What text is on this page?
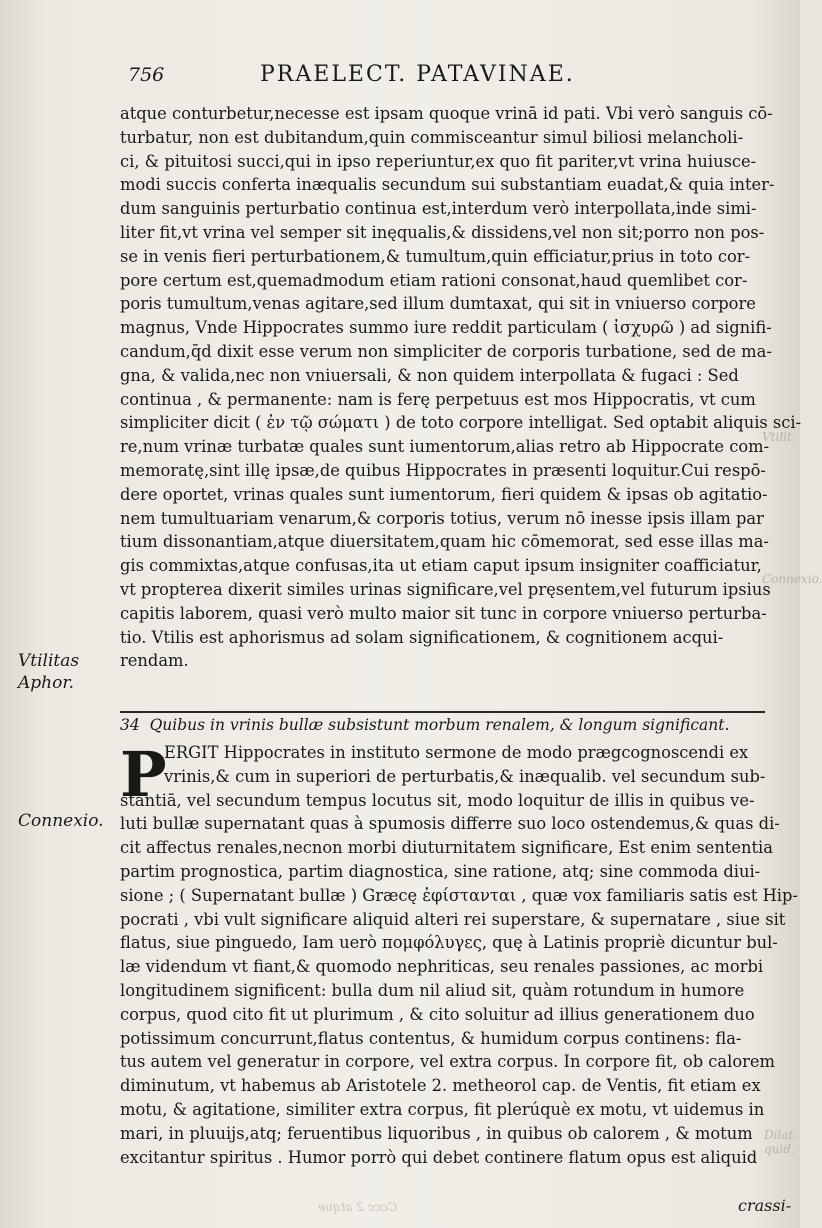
756	PRAELECT. PATAVINAE.
atque conturbetur,necesse est ipsam quoque vrinā id pati. Vbi verò sanguis cō-
turbatur, non est dubitandum,quin commisceantur simul biliosi melancholi-
ci, & pituitosi succi,qui in ipso reperiuntur,ex quo fit pariter,vt vrina huiusce-
modi succis conferta inæqualis secundum sui substantiam euadat,& quia inter-
dum sanguinis perturbatio continua est,interdum verò interpollata,inde simi-
liter fit,vt vrina vel semper sit inęqualis,& dissidens,vel non sit;porro non pos-
se in venis fieri perturbationem,& tumultum,quin efficiatur,prius in toto cor-
pore certum est,quemadmodum etiam rationi consonat,haud quemlibet cor-
poris tumultum,venas agitare,sed illum dumtaxat, qui sit in vniuerso corpore
magnus, Vnde Hippocrates summo iure reddit particulam ( ἰσχυρῶ ) ad signifi-
candum,q̄d dixit esse verum non simpliciter de corporis turbatione, sed de ma-
gna, & valida,nec non vniuersali, & non quidem interpollata & fugaci : Sed
continua , & permanente: nam is ferę perpetuus est mos Hippocratis, vt cum
simpliciter dicit ( ἐν τῷ σώματι ) de toto corpore intelligat. Sed optabit aliquis sci-
re,num vrinæ turbatæ quales sunt iumentorum,alias retro ab Hippocrate com-
memoratę,sint illę ipsæ,de quibus Hippocrates in præsenti loquitur.Cui respō-
dere oportet, vrinas quales sunt iumentorum, fieri quidem & ipsas ob agitatio-
nem tumultuariam venarum,& corporis totius, verum nō inesse ipsis illam par
tium dissonantiam,atque diuersitatem,quam hic cōmemorat, sed esse illas ma-
gis commixtas,atque confusas,ita ut etiam caput ipsum insigniter coafficiatur,
vt propterea dixerit similes urinas significare,vel pręsentem,vel futurum ipsius
capitis laborem, quasi verò multo maior sit tunc in corpore vniuerso perturba-
tio. Vtilis est aphorismus ad solam significationem, & cognitionem acqui-
rendam.
Vtilitas
Aphor.
34 Quibus in vrinis bullæ subsistunt morbum renalem, & longum significant.
P
ERGIT Hippocrates in instituto sermone de modo prægcognoscendi ex
vrinis,& cum in superiori de perturbatis,& inæqualib. vel secundum sub-
stantiā, vel secundum tempus locutus sit, modo loquitur de illis in quibus ve-
luti bullæ supernatant quas à spumosis differre suo loco ostendemus,& quas di-
cit affectus renales,necnon morbi diuturnitatem significare, Est enim sententia
partim prognostica, partim diagnostica, sine ratione, atq; sine commoda diui-
sione ; ( Supernatant bullæ ) Græcę ἐφίστανται , quæ vox familiaris satis est Hip-
pocrati , vbi vult significare aliquid alteri rei superstare, & supernatare , siue sit
flatus, siue pinguedo, Iam uerò πομφόλυγες, quę à Latinis propriè dicuntur bul-
læ videndum vt fiant,& quomodo nephriticas, seu renales passiones, ac morbi
longitudinem significent: bulla dum nil aliud sit, quàm rotundum in humore
corpus, quod cito fit ut plurimum , & cito soluitur ad illius generationem duo
potissimum concurrunt,flatus contentus, & humidum corpus continens: fla-
tus autem vel generatur in corpore, vel extra corpus. In corpore fit, ob calorem
diminutum, vt habemus ab Aristotele 2. metheorol cap. de Ventis, fit etiam ex
motu, & agitatione, similiter extra corpus, fit plerúquè ex motu, vt uidemus in
mari, in pluuijs,atq; feruentibus liquoribus , in quibus ob calorem , & motum
excitantur spiritus . Humor porrò qui debet continere flatum opus est aliquid
Connexio.
Vtilit.
Connexio.
Dilat. quid.
Cccc 2 atque	crassi-
